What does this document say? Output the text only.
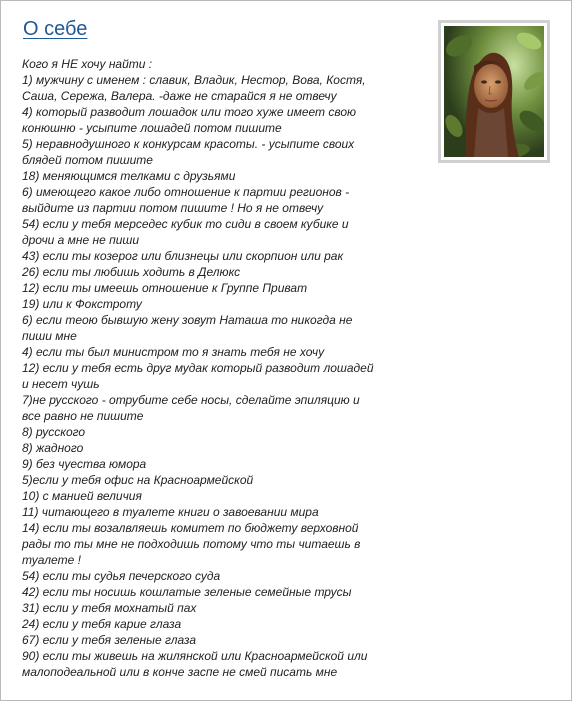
О себе
Кого я НЕ хочу найти :
1) мужчину с именем : славик, Владик, Нестор, Вова, Костя,
Саша, Сережа, Валера. -даже не старайся я не отвечу
4) который разводит лошадок или того хуже имеет свою
конюшню - усыпите лошадей потом пишите
5) неравнодушного к конкурсам красоты. - усыпите своих
блядей потом пишите
18) меняющимся телками с друзьями
6) имеющего какое либо отношение к партии регионов -
выйдите из партии потом пишите ! Но я не отвечу
54) если у тебя мерседес кубик то сиди в своем кубике и
дрочи а мне не пиши
43) если ты козерог или близнецы или скорпион или рак
26) если ты любишь ходить в Делюкс
12) если ты имеешь отношение к Группе Приват
19) или к Фокстроту
6) если теою бывшую жену зовут Наташа то никогда не
пиши мне
4) если ты был министром то я знать тебя не хочу
12) если у тебя есть друг мудак который разводит лошадей
и несет чушь
7)не русского - отрубите себе носы, сделайте эпиляцию и
все равно не пишите
8) русского
8) жадного
9) без чуества юмора
5)если у тебя офис на Красноармейской
10) с манией величия
11) читающего в туалете книги о завоевании мира
14) если ты возалвляешь комитет по бюджету верховной
рады то ты мне не подходишь потому что ты читаешь в
туалете !
54) если ты судья печерского суда
42) если ты носишь кошлатые зеленые семейные трусы
31) если у тебя мохнатый пах
24) если у тебя карие глаза
67) если у тебя зеленые глаза
90) если ты живешь на жилянской или Красноармейской или
малоподеальной или в конче заспе не смей писать мне
